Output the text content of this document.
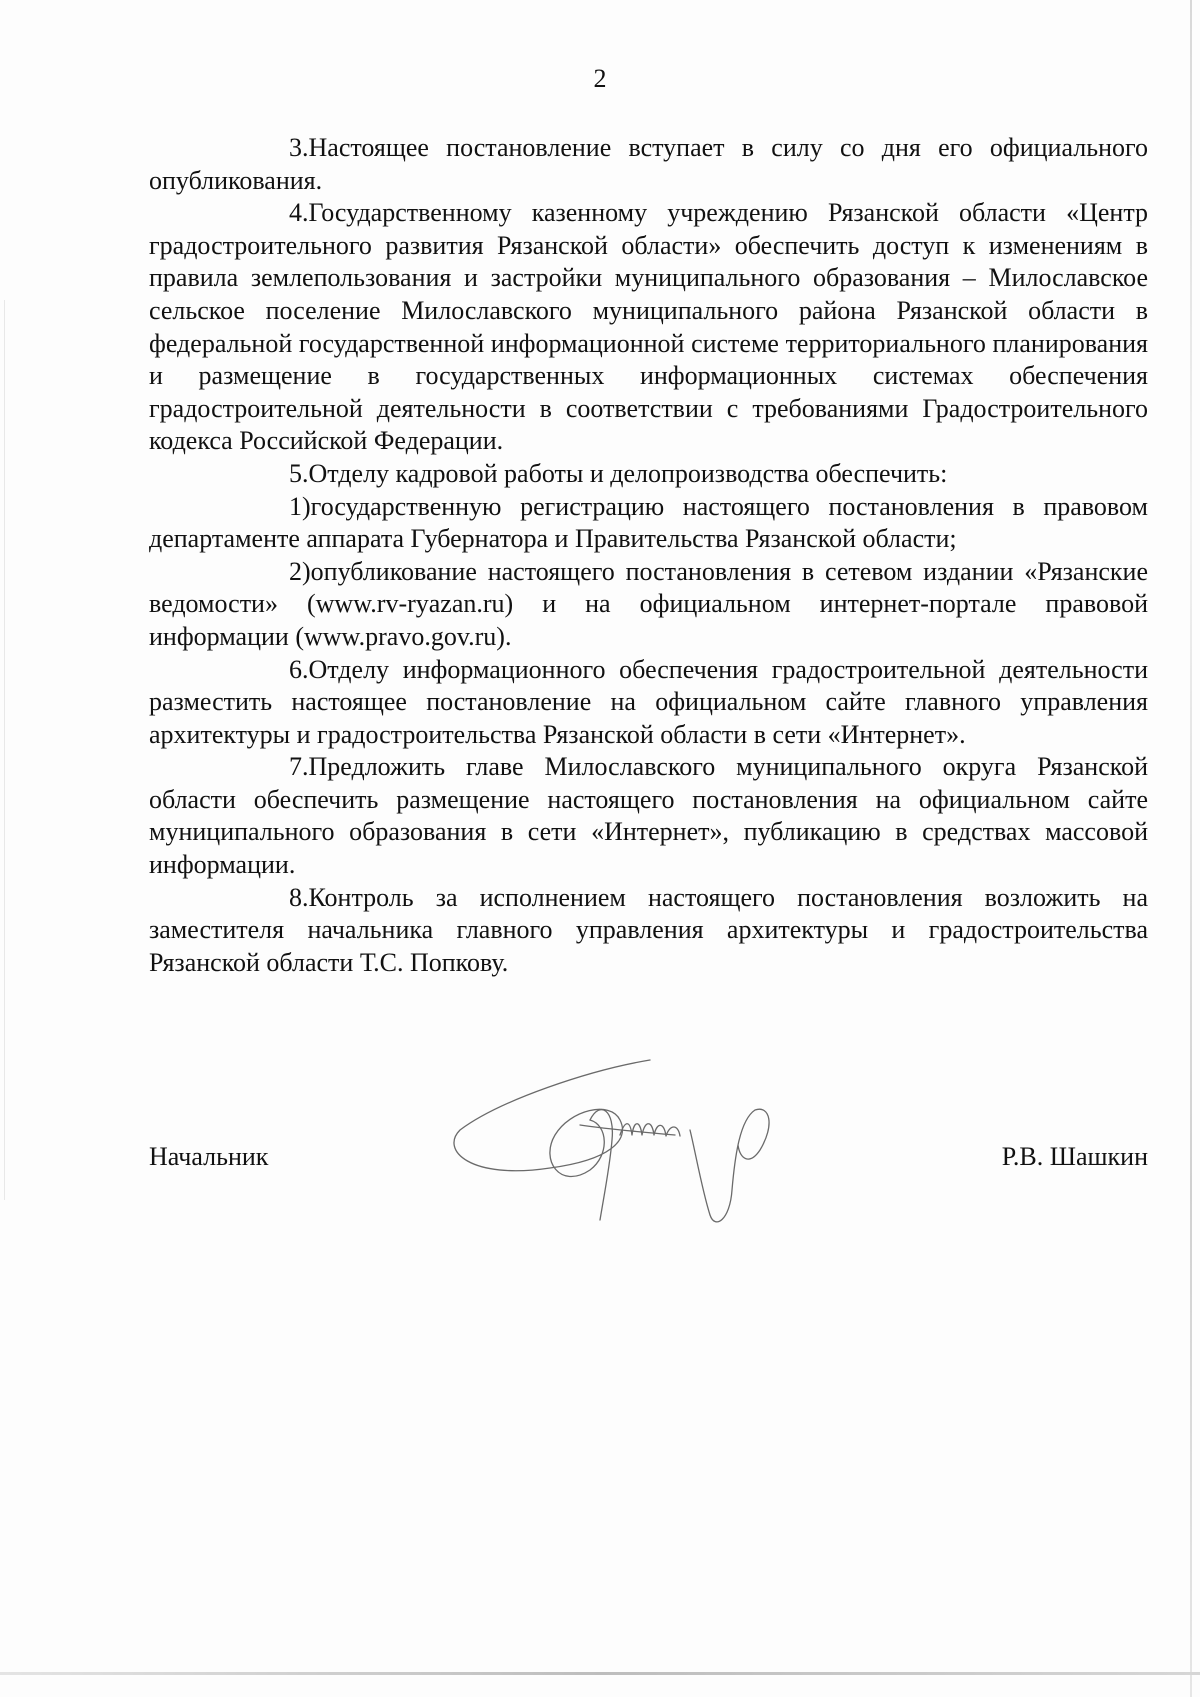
2

3.Настоящее постановление вступает в силу со дня его официального опубликования.

4.Государственному казенному учреждению Рязанской области «Центр градостроительного развития Рязанской области» обеспечить доступ к изменениям в правила землепользования и застройки муниципального образования – Милославское сельское поселение Милославского муниципального района Рязанской области в федеральной государственной информационной системе территориального планирования и размещение в государственных информационных системах обеспечения градостроительной деятельности в соответствии с требованиями Градостроительного кодекса Российской Федерации.

5.Отделу кадровой работы и делопроизводства обеспечить:

1)государственную регистрацию настоящего постановления в правовом департаменте аппарата Губернатора и Правительства Рязанской области;

2)опубликование настоящего постановления в сетевом издании «Рязанские ведомости» (www.rv-ryazan.ru) и на официальном интернет-портале правовой информации (www.pravo.gov.ru).

6.Отделу информационного обеспечения градостроительной деятельности разместить настоящее постановление на официальном сайте главного управления архитектуры и градостроительства Рязанской области в сети «Интернет».

7.Предложить главе Милославского муниципального округа Рязанской области обеспечить размещение настоящего постановления на официальном сайте муниципального образования в сети «Интернет», публикацию в средствах массовой информации.

8.Контроль за исполнением настоящего постановления возложить на заместителя начальника главного управления архитектуры и градостроительства Рязанской области Т.С. Попкову.

Начальник	Р.В. Шашкин
